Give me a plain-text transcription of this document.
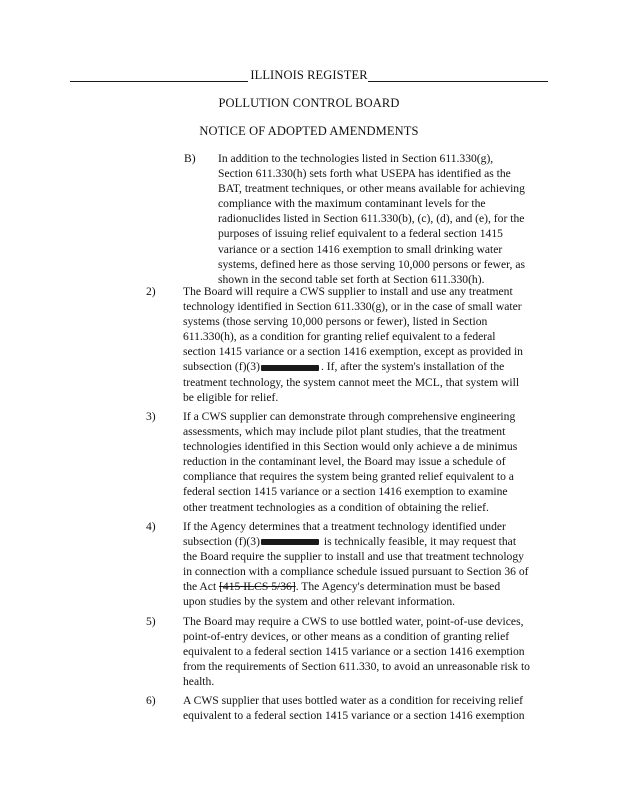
ILLINOIS REGISTER
POLLUTION CONTROL BOARD
NOTICE OF ADOPTED AMENDMENTS
B) In addition to the technologies listed in Section 611.330(g),
Section 611.330(h) sets forth what USEPA has identified as the
BAT, treatment techniques, or other means available for achieving
compliance with the maximum contaminant levels for the
radionuclides listed in Section 611.330(b), (c), (d), and (e), for the
purposes of issuing relief equivalent to a federal section 1415
variance or a section 1416 exemption to small drinking water
systems, defined here as those serving 10,000 persons or fewer, as
shown in the second table set forth at Section 611.330(h).
2) The Board will require a CWS supplier to install and use any treatment
technology identified in Section 611.330(g), or in the case of small water
systems (those serving 10,000 persons or fewer), listed in Section
611.330(h), as a condition for granting relief equivalent to a federal
section 1415 variance or a section 1416 exemption, except as provided in
subsection (f)(3)	. If, after the system's installation of the
treatment technology, the system cannot meet the MCL, that system will
be eligible for relief.
3) If a CWS supplier can demonstrate through comprehensive engineering
assessments, which may include pilot plant studies, that the treatment
technologies identified in this Section would only achieve a de minimus
reduction in the contaminant level, the Board may issue a schedule of
compliance that requires the system being granted relief equivalent to a
federal section 1415 variance or a section 1416 exemption to examine
other treatment technologies as a condition of obtaining the relief.
4) If the Agency determines that a treatment technology identified under
subsection (f)(3)	is technically feasible, it may request that
the Board require the supplier to install and use that treatment technology
in connection with a compliance schedule issued pursuant to Section 36 of
the Act [415 ILCS 5/36]. The Agency's determination must be based
upon studies by the system and other relevant information.
5) The Board may require a CWS to use bottled water, point-of-use devices,
point-of-entry devices, or other means as a condition of granting relief
equivalent to a federal section 1415 variance or a section 1416 exemption
from the requirements of Section 611.330, to avoid an unreasonable risk to
health.
6) A CWS supplier that uses bottled water as a condition for receiving relief
equivalent to a federal section 1415 variance or a section 1416 exemption
